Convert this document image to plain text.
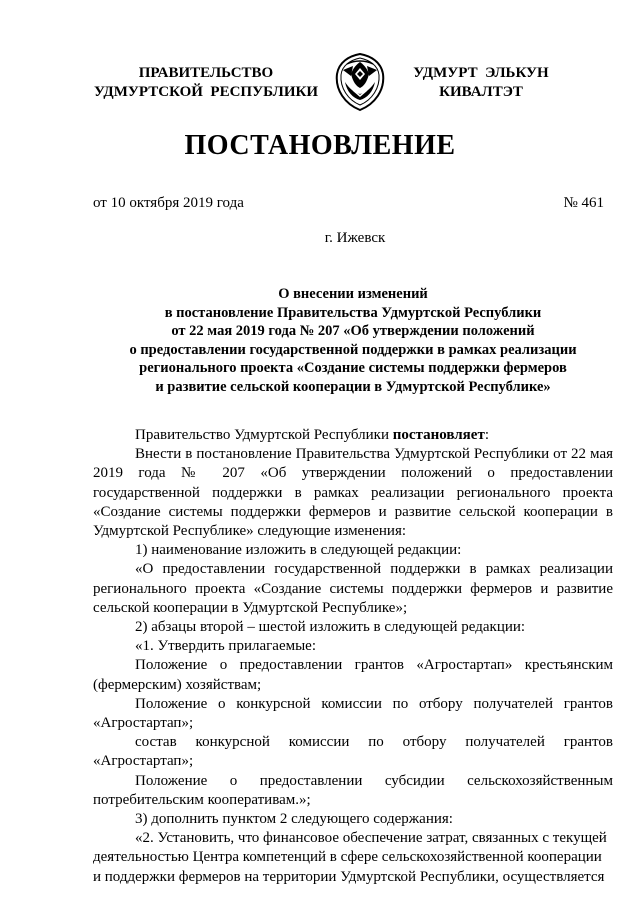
ПРАВИТЕЛЬСТВО
УДМУРТСКОЙ  РЕСПУБЛИКИ
УДМУРТ  ЭЛЬКУН
КИВАЛТЭТ
ПОСТАНОВЛЕНИЕ
от 10 октября 2019 года	№ 461
г. Ижевск
О внесении изменений
в постановление Правительства Удмуртской Республики
от 22 мая 2019 года № 207 «Об утверждении положений
о предоставлении государственной поддержки в рамках реализации
регионального проекта «Создание системы поддержки фермеров
и развитие сельской кооперации в Удмуртской Республике»

Правительство Удмуртской Республики постановляет:

Внести в постановление Правительства Удмуртской Республики от 22 мая 2019 года № 207 «Об утверждении положений о предоставлении государственной поддержки в рамках реализации регионального проекта «Создание системы поддержки фермеров и развитие сельской кооперации в Удмуртской Республике» следующие изменения:

1) наименование изложить в следующей редакции:

«О предоставлении государственной поддержки в рамках реализации регионального проекта «Создание системы поддержки фермеров и развитие сельской кооперации в Удмуртской Республике»;

2) абзацы второй – шестой изложить в следующей редакции:

«1. Утвердить прилагаемые:

Положение о предоставлении грантов «Агростартап» крестьянским (фермерским) хозяйствам;

Положение о конкурсной комиссии по отбору получателей грантов «Агростартап»;

состав конкурсной комиссии по отбору получателей грантов «Агростартап»;

Положение о предоставлении субсидии сельскохозяйственным потребительским кооперативам.»;

3) дополнить пунктом 2 следующего содержания:

«2. Установить, что финансовое обеспечение затрат, связанных с текущей деятельностью Центра компетенций в сфере сельскохозяйственной кооперации и поддержки фермеров на территории Удмуртской Республики, осуществляется
